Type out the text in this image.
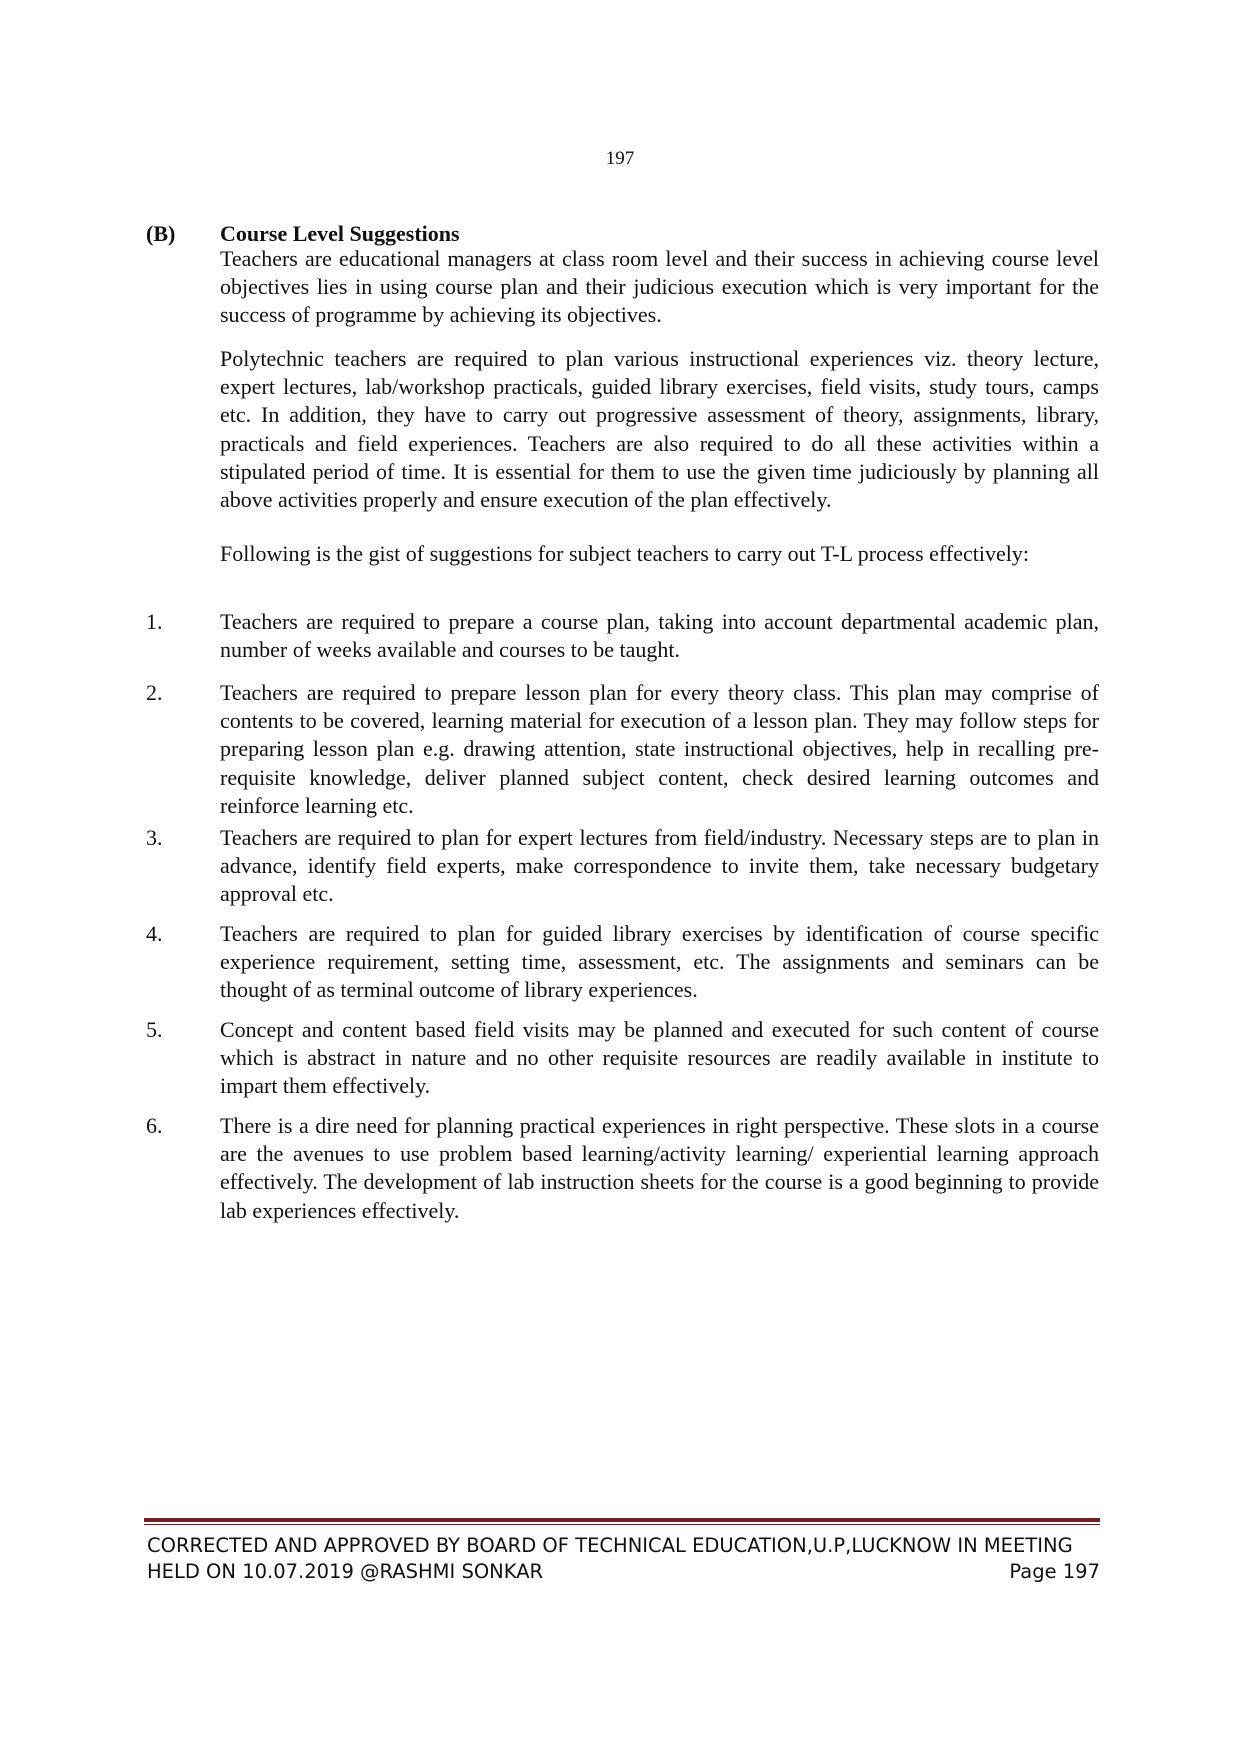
197
(B) Course Level Suggestions

Teachers are educational managers at class room level and their success in achieving course level objectives lies in using course plan and their judicious execution which is very important for the success of programme by achieving its objectives.

Polytechnic teachers are required to plan various instructional experiences viz. theory lecture, expert lectures, lab/workshop practicals, guided library exercises, field visits, study tours, camps etc. In addition, they have to carry out progressive assessment of theory, assignments, library, practicals and field experiences. Teachers are also required to do all these activities within a stipulated period of time. It is essential for them to use the given time judiciously by planning all above activities properly and ensure execution of the plan effectively.

Following is the gist of suggestions for subject teachers to carry out T-L process effectively:

1.	Teachers are required to prepare a course plan, taking into account departmental academic plan, number of weeks available and courses to be taught.
2.	Teachers are required to prepare lesson plan for every theory class. This plan may comprise of contents to be covered, learning material for execution of a lesson plan. They may follow steps for preparing lesson plan e.g. drawing attention, state instructional objectives, help in recalling pre-requisite knowledge, deliver planned subject content, check desired learning outcomes and reinforce learning etc.
3.	Teachers are required to plan for expert lectures from field/industry. Necessary steps are to plan in advance, identify field experts, make correspondence to invite them, take necessary budgetary approval etc.
4.	Teachers are required to plan for guided library exercises by identification of course specific experience requirement, setting time, assessment, etc. The assignments and seminars can be thought of as terminal outcome of library experiences.
5.	Concept and content based field visits may be planned and executed for such content of course which is abstract in nature and no other requisite resources are readily available in institute to impart them effectively.
6.	There is a dire need for planning practical experiences in right perspective. These slots in a course are the avenues to use problem based learning/activity learning/ experiential learning approach effectively. The development of lab instruction sheets for the course is a good beginning to provide lab experiences effectively.
CORRECTED AND APPROVED BY BOARD OF TECHNICAL EDUCATION,U.P,LUCKNOW IN MEETING
HELD ON 10.07.2019 @RASHMI SONKAR	Page 197
